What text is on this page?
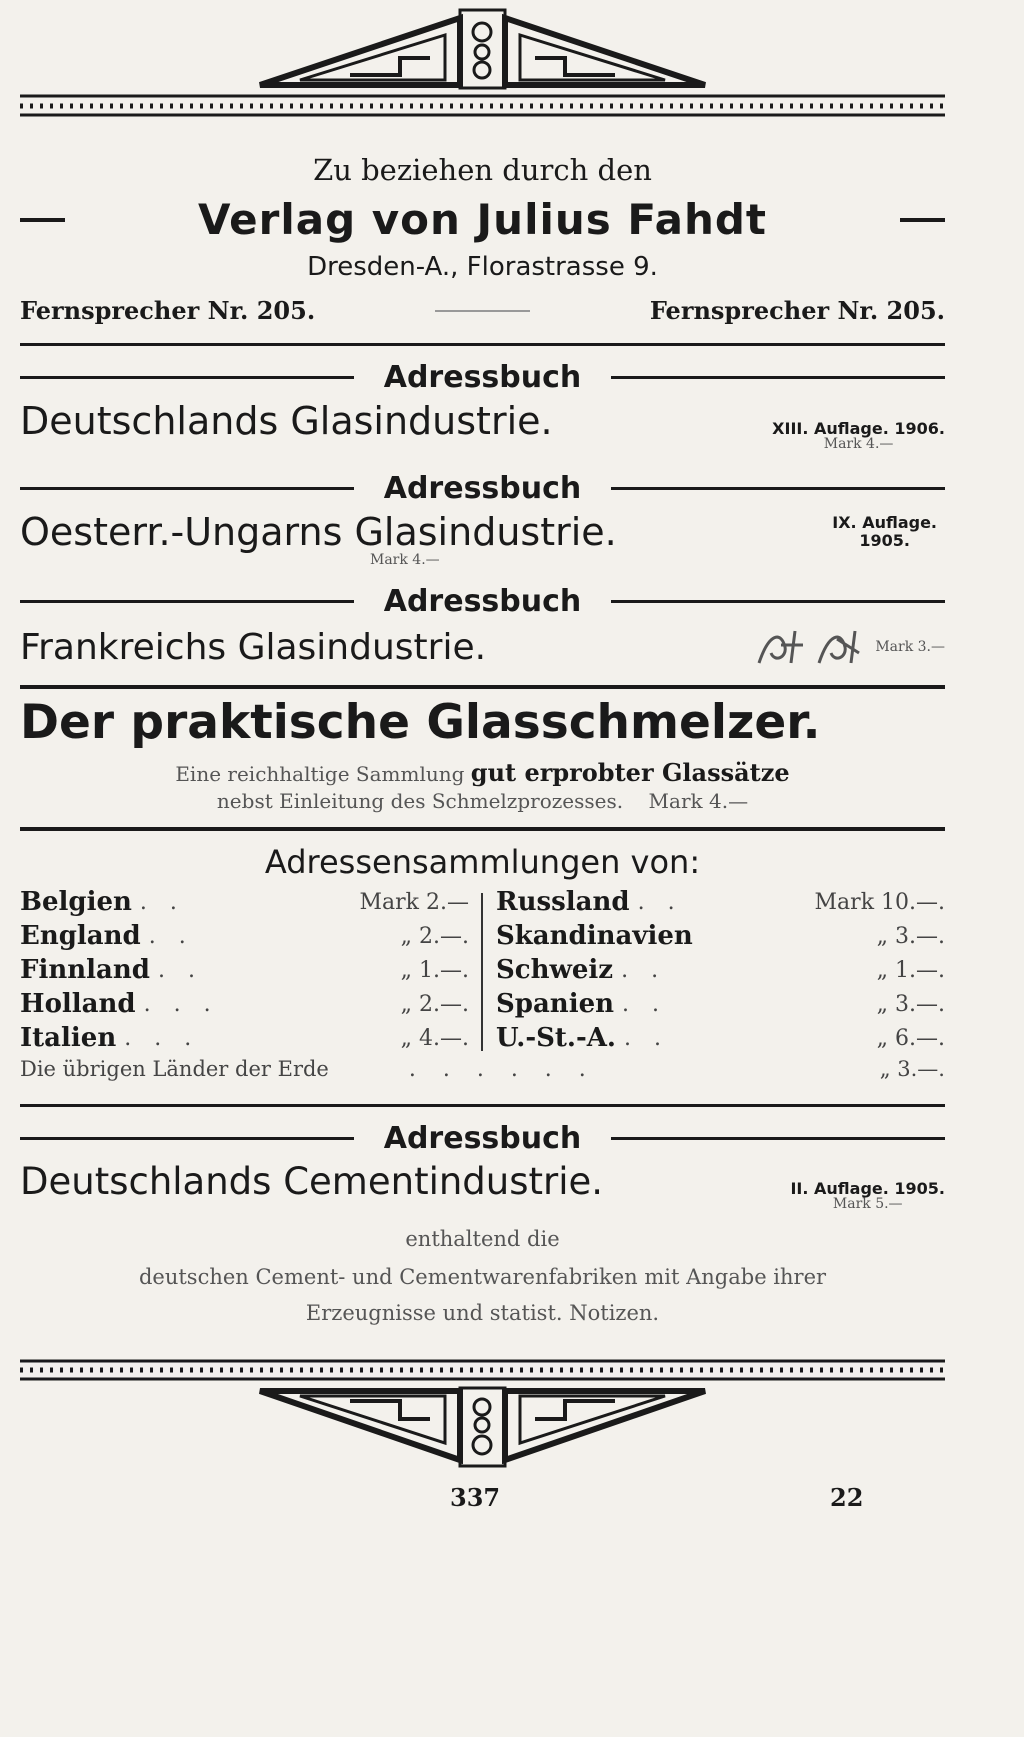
Zu beziehen durch den
Verlag von Julius Fahdt
Dresden-A., Florastrasse 9.
Fernsprecher Nr. 205.	Fernsprecher Nr. 205.
Adressbuch
Deutschlands Glasindustrie.	XIII. Auflage. 1906.
Mark 4.—
Adressbuch
Oesterr.-Ungarns Glasindustrie.	IX. Auflage.
1905.
Mark 4.—
Adressbuch
Frankreichs Glasindustrie.	Mark 3.—
Der praktische Glasschmelzer.
Eine reichhaltige Sammlung gut erprobter Glassätze
nebst Einleitung des Schmelzprozesses. Mark 4.—
Adressensammlungen von:
Belgien . .	Mark 2.—
England . .	„ 2.—.
Finnland . .	„ 1.—.
Holland . . .	„ 2.—.
Italien . . .	„ 4.—.
Russland . .	Mark 10.—.
Skandinavien	„ 3.—.
Schweiz . .	„ 1.—.
Spanien . .	„ 3.—.
U.-St.-A. . .	„ 6.—.
Die übrigen Länder der Erde	. . . . . .	„ 3.—.
Adressbuch
Deutschlands Cementindustrie.	II. Auflage. 1905.
Mark 5.—
enthaltend die
deutschen Cement- und Cementwarenfabriken mit Angabe ihrer
Erzeugnisse und statist. Notizen.
337	22
